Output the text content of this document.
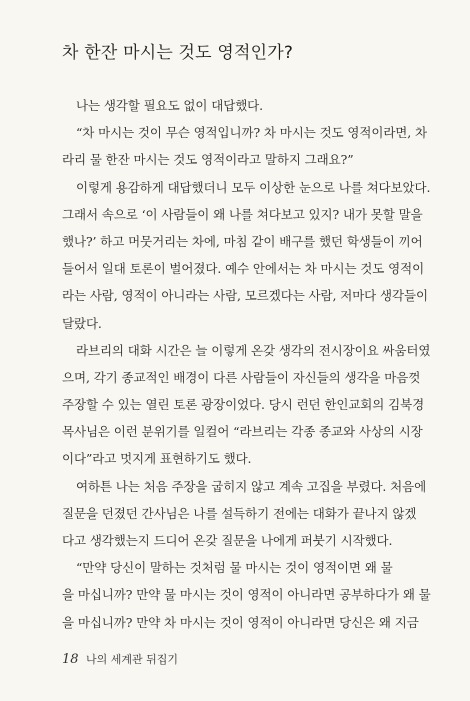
차 한잔 마시는 것도 영적인가?
나는 생각할 필요도 없이 대답했다.
“차 마시는 것이 무슨 영적입니까? 차 마시는 것도 영적이라면, 차
라리 물 한잔 마시는 것도 영적이라고 말하지 그래요?”
이렇게 용감하게 대답했더니 모두 이상한 눈으로 나를 쳐다보았다.
그래서 속으로 ‘이 사람들이 왜 나를 쳐다보고 있지? 내가 못할 말을
했나?’ 하고 머뭇거리는 차에, 마침 같이 배구를 했던 학생들이 끼어
들어서 일대 토론이 벌어졌다. 예수 안에서는 차 마시는 것도 영적이
라는 사람, 영적이 아니라는 사람, 모르겠다는 사람, 저마다 생각들이
달랐다.
라브리의 대화 시간은 늘 이렇게 온갖 생각의 전시장이요 싸움터였
으며, 각기 종교적인 배경이 다른 사람들이 자신들의 생각을 마음껏
주장할 수 있는 열린 토론 광장이었다. 당시 런던 한인교회의 김북경
목사님은 이런 분위기를 일컬어 “라브리는 각종 종교와 사상의 시장
이다”라고 멋지게 표현하기도 했다.
여하튼 나는 처음 주장을 굽히지 않고 계속 고집을 부렸다. 처음에
질문을 던졌던 간사님은 나를 설득하기 전에는 대화가 끝나지 않겠
다고 생각했는지 드디어 온갖 질문을 나에게 퍼붓기 시작했다.
“만약 당신이 말하는 것처럼 물 마시는 것이 영적이면 왜 물
을 마십니까? 만약 물 마시는 것이 영적이 아니라면 공부하다가 왜 물
을 마십니까? 만약 차 마시는 것이 영적이 아니라면 당신은 왜 지금
18 나의 세계관 뒤집기
